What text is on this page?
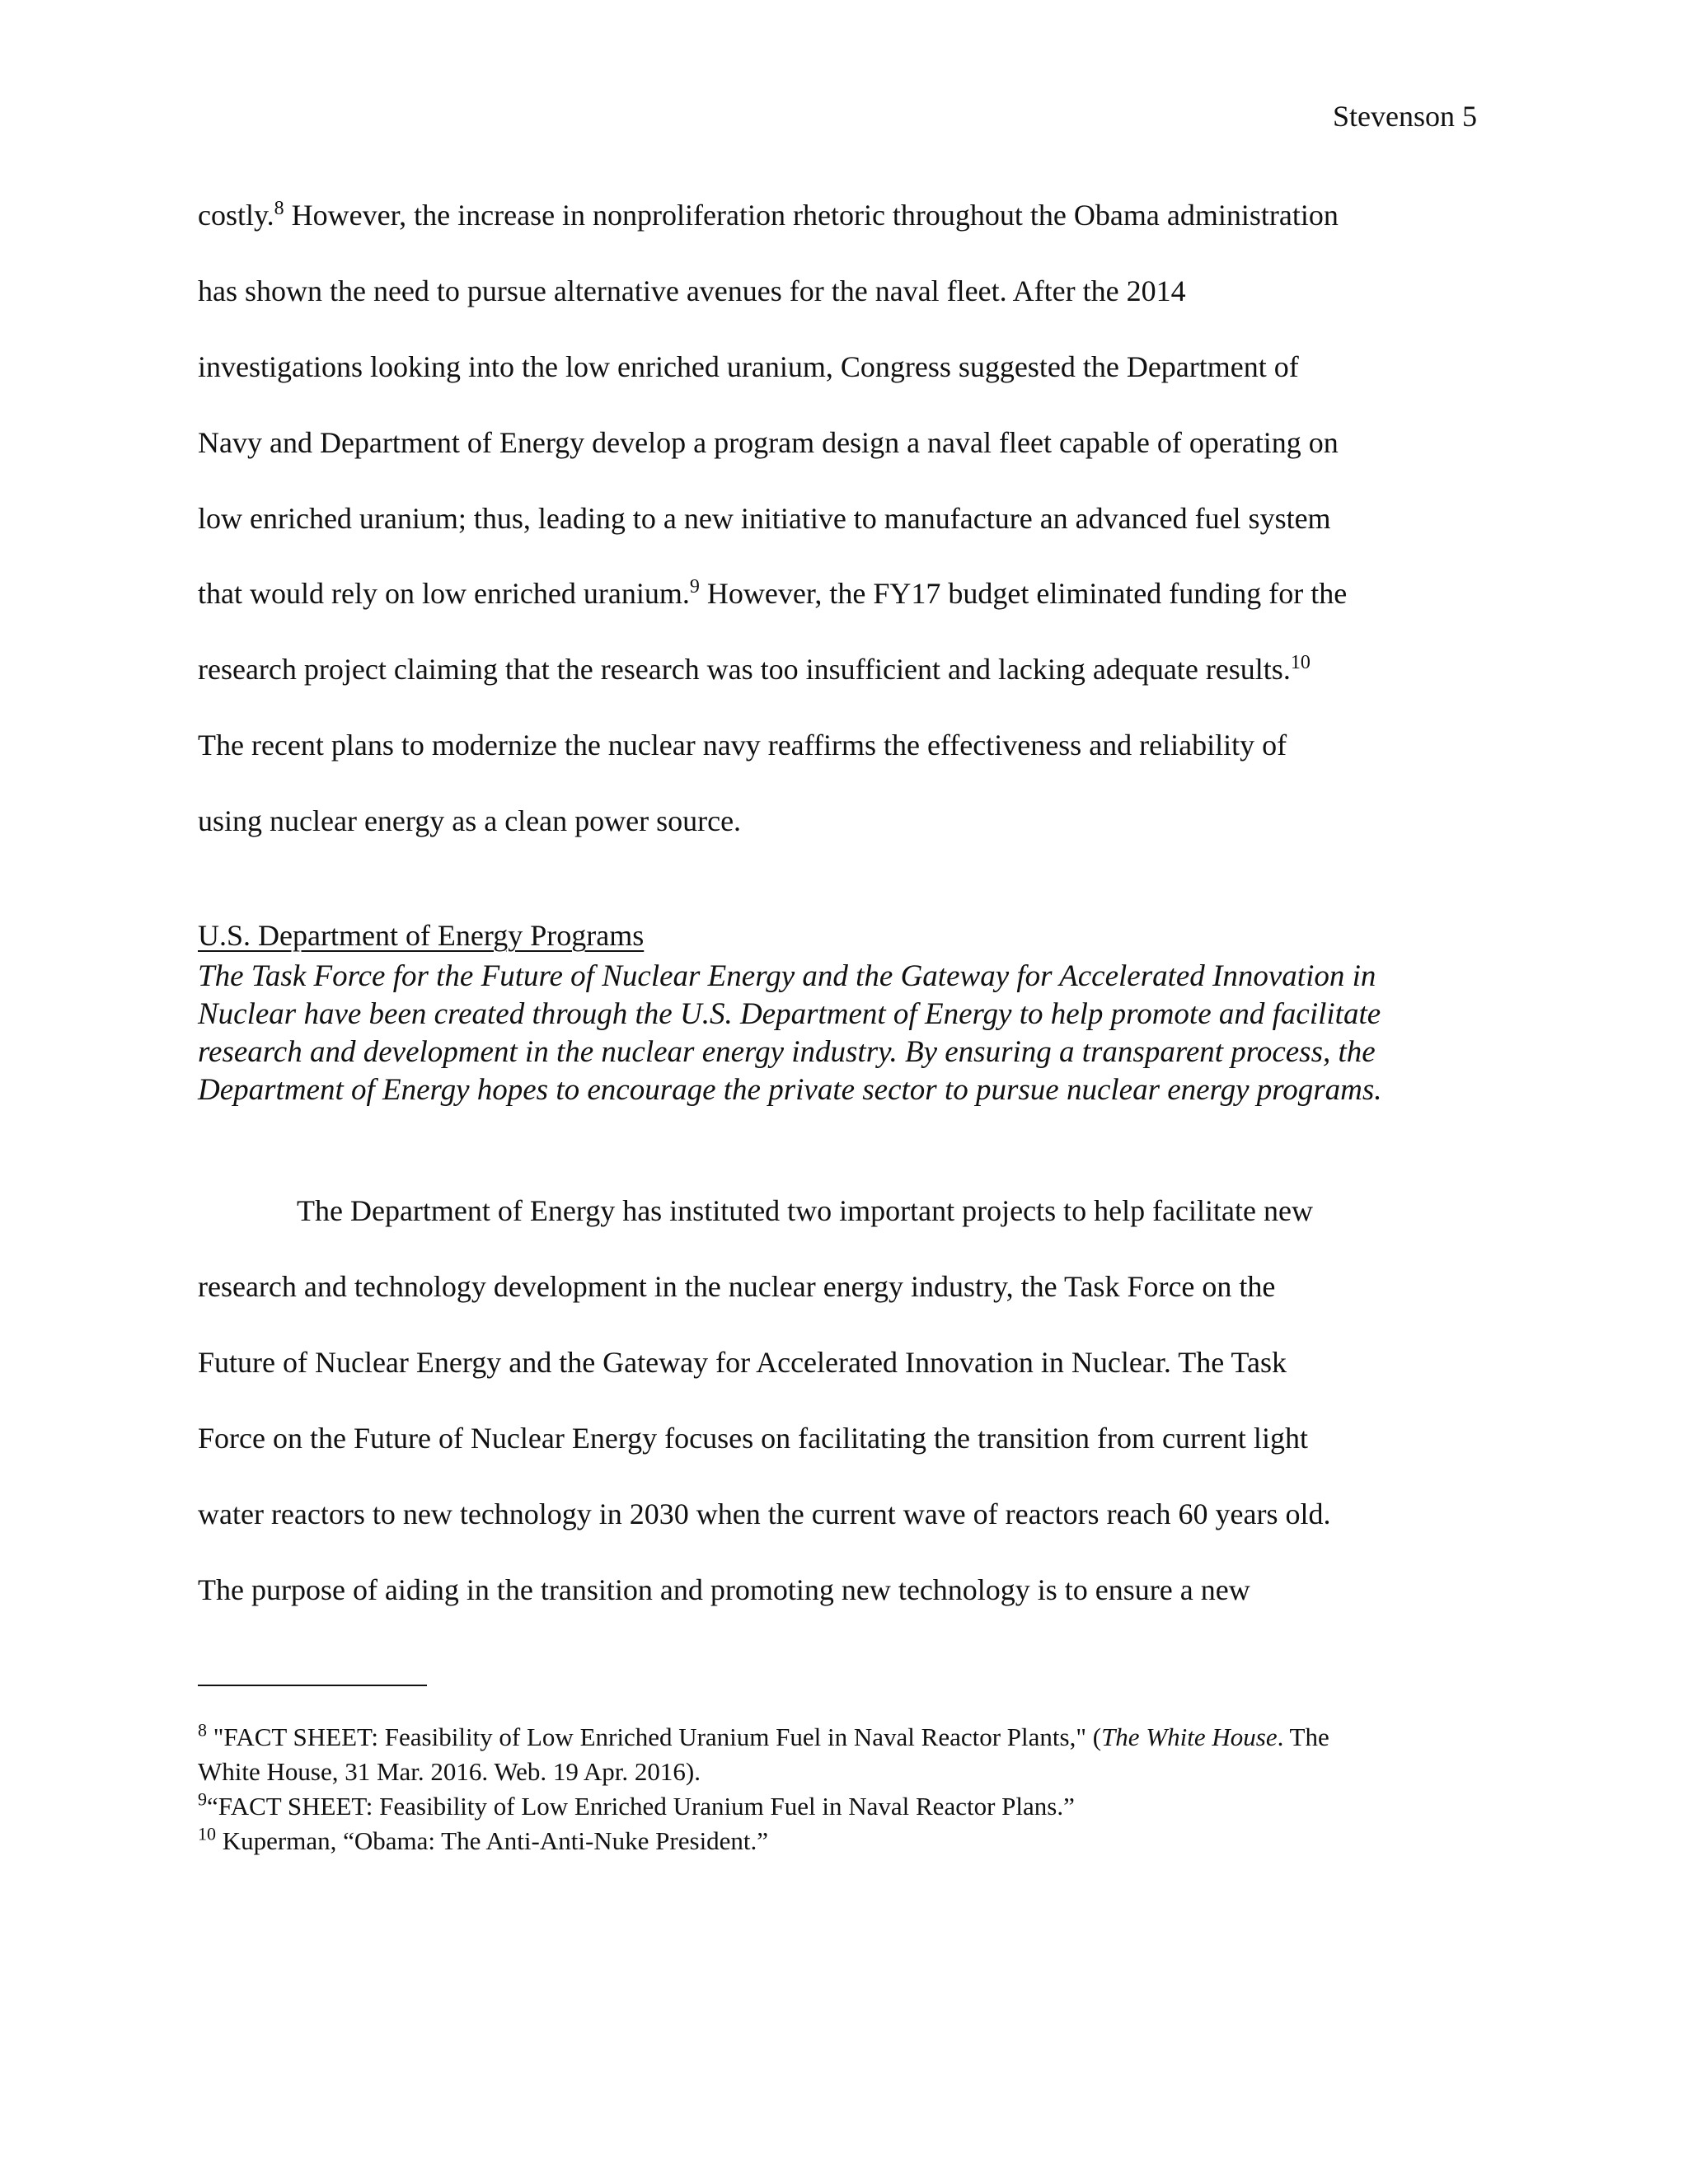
Stevenson 5
costly.$^8$ However, the increase in nonproliferation rhetoric throughout the Obama administration
has shown the need to pursue alternative avenues for the naval fleet. After the 2014
investigations looking into the low enriched uranium, Congress suggested the Department of
Navy and Department of Energy develop a program design a naval fleet capable of operating on
low enriched uranium; thus, leading to a new initiative to manufacture an advanced fuel system
that would rely on low enriched uranium.$^9$ However, the FY17 budget eliminated funding for the
research project claiming that the research was too insufficient and lacking adequate results.$^{10}$
The recent plans to modernize the nuclear navy reaffirms the effectiveness and reliability of
using nuclear energy as a clean power source.
U.S. Department of Energy Programs
The Task Force for the Future of Nuclear Energy and the Gateway for Accelerated Innovation in
Nuclear have been created through the U.S. Department of Energy to help promote and facilitate
research and development in the nuclear energy industry. By ensuring a transparent process, the
Department of Energy hopes to encourage the private sector to pursue nuclear energy programs.
The Department of Energy has instituted two important projects to help facilitate new
research and technology development in the nuclear energy industry, the Task Force on the
Future of Nuclear Energy and the Gateway for Accelerated Innovation in Nuclear. The Task
Force on the Future of Nuclear Energy focuses on facilitating the transition from current light
water reactors to new technology in 2030 when the current wave of reactors reach 60 years old.
The purpose of aiding in the transition and promoting new technology is to ensure a new
$^8$ "FACT SHEET: Feasibility of Low Enriched Uranium Fuel in Naval Reactor Plants," (The White House. The
White House, 31 Mar. 2016. Web. 19 Apr. 2016).
$^9$“FACT SHEET: Feasibility of Low Enriched Uranium Fuel in Naval Reactor Plans.”
$^{10}$ Kuperman, “Obama: The Anti-Anti-Nuke President.”
